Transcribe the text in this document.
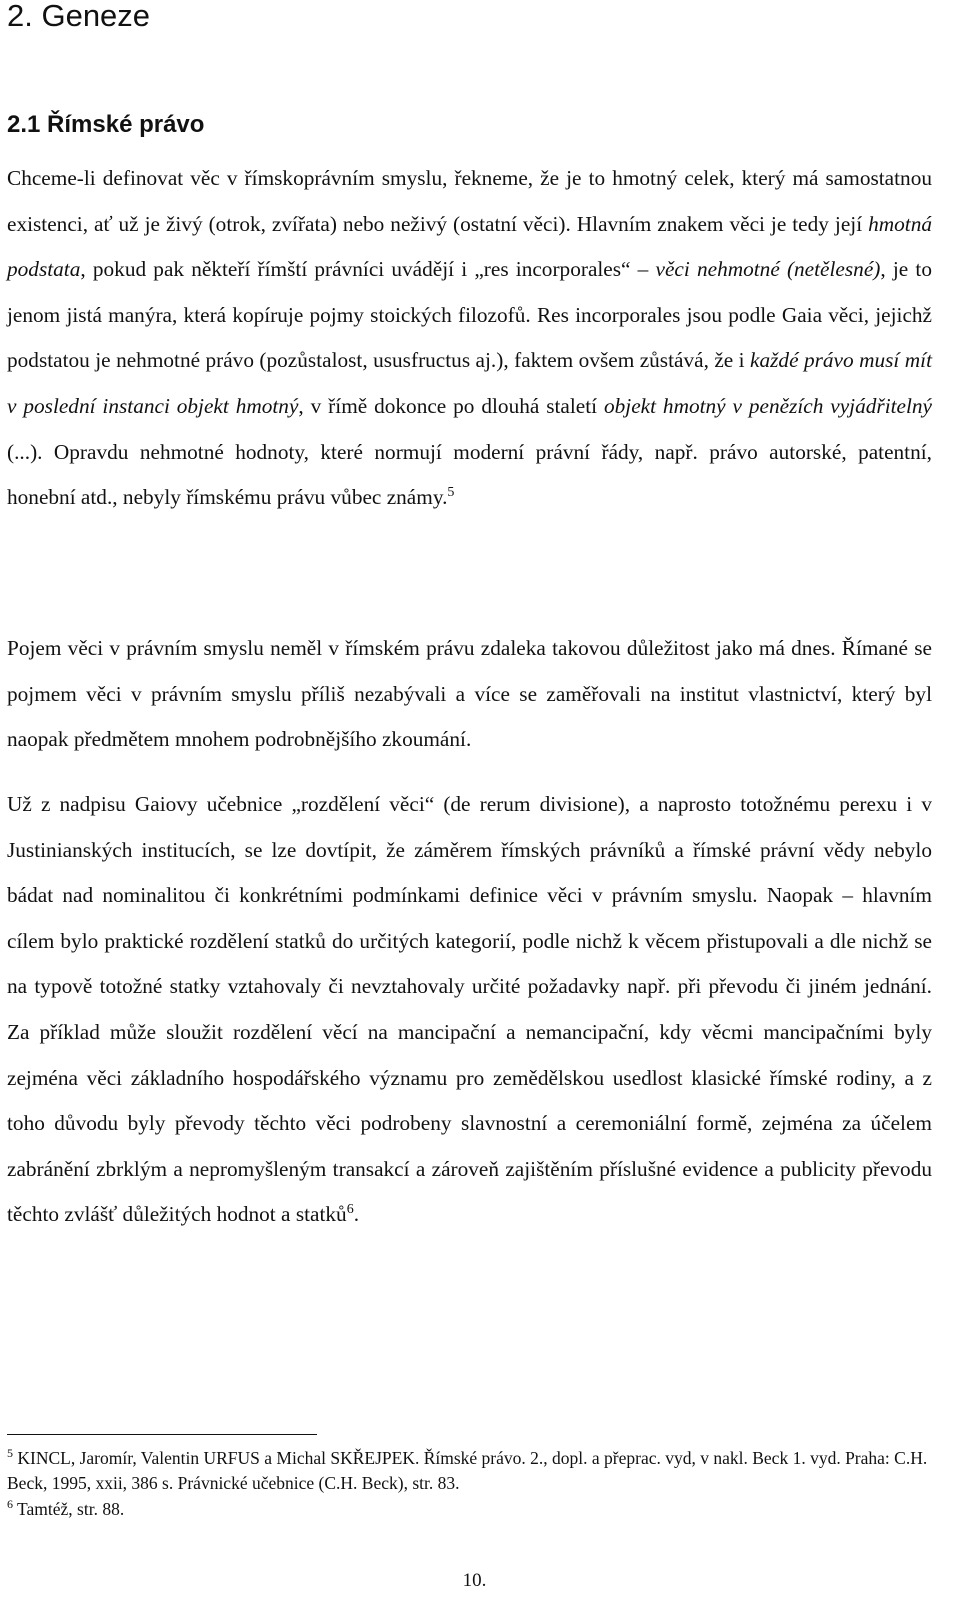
2. Geneze
2.1 Římské právo
Chceme-li definovat věc v římskoprávním smyslu, řekneme, že je to hmotný celek, který má samostatnou existenci, ať už je živý (otrok, zvířata) nebo neživý (ostatní věci). Hlavním znakem věci je tedy její hmotná podstata, pokud pak někteří římští právníci uvádějí i „res incorporales“ – věci nehmotné (netělesné), je to jenom jistá manýra, která kopíruje pojmy stoických filozofů. Res incorporales jsou podle Gaia věci, jejichž podstatou je nehmotné právo (pozůstalost, ususfructus aj.), faktem ovšem zůstává, že i každé právo musí mít v poslední instanci objekt hmotný, v římě dokonce po dlouhá staletí objekt hmotný v penězích vyjádřitelný (...). Opravdu nehmotné hodnoty, které normují moderní právní řády, např. právo autorské, patentní, honební atd., nebyly římskému právu vůbec známy.$^5$
Pojem věci v právním smyslu neměl v římském právu zdaleka takovou důležitost jako má dnes. Římané se pojmem věci v právním smyslu příliš nezabývali a více se zaměřovali na institut vlastnictví, který byl naopak předmětem mnohem podrobnějšího zkoumání.
Už z nadpisu Gaiovy učebnice „rozdělení věci“ (de rerum divisione), a naprosto totožnému perexu i v Justinianských institucích, se lze dovtípit, že záměrem římských právníků a římské právní vědy nebylo bádat nad nominalitou či konkrétními podmínkami definice věci v právním smyslu. Naopak – hlavním cílem bylo praktické rozdělení statků do určitých kategorií, podle nichž k věcem přistupovali a dle nichž se na typově totožné statky vztahovaly či nevztahovaly určité požadavky např. při převodu či jiném jednání. Za příklad může sloužit rozdělení věcí na mancipační a nemancipační, kdy věcmi mancipačními byly zejména věci základního hospodářského významu pro zemědělskou usedlost klasické římské rodiny, a z toho důvodu byly převody těchto věci podrobeny slavnostní a ceremoniální formě, zejména za účelem zabránění zbrklým a nepromyšleným transakcí a zároveň zajištěním příslušné evidence a publicity převodu těchto zvlášť důležitých hodnot a statků$^6$.
$^5$ KINCL, Jaromír, Valentin URFUS a Michal SKŘEJPEK. Římské právo. 2., dopl. a přeprac. vyd, v nakl. Beck 1. vyd. Praha: C.H. Beck, 1995, xxii, 386 s. Právnické učebnice (C.H. Beck), str. 83.
$^6$ Tamtéž, str. 88.
10.
